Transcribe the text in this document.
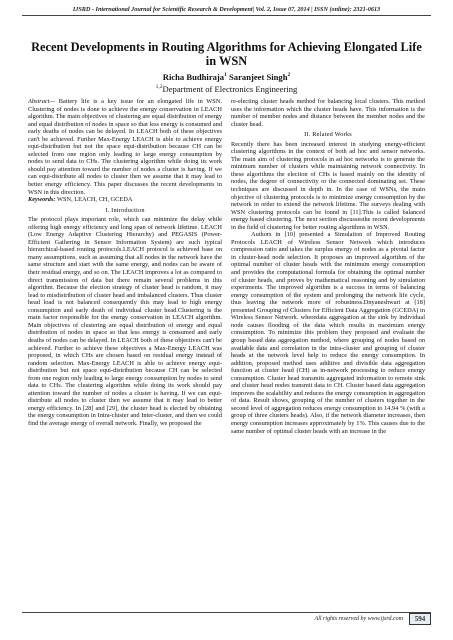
IJSRD - International Journal for Scientific Research & Development| Vol. 2, Issue 07, 2014 | ISSN (online): 2321-0613
Recent Developments in Routing Algorithms for Achieving Elongated Life in WSN
Richa Budhiraja$^1$ Saranjeet Singh$^2$
$^{1,2}$Department of Electronics Engineering

Abstract— Battery life is a key issue for an elongated life in WSN. Clustering of nodes is done to achieve the energy conservation in LEACH algorithm. The main objectives of clustering are equal distribution of energy and equal distribution of nodes in space so that less energy is consumed and early deaths of nodes can be delayed. In LEACH both of these objectives can't be achieved. Further Max-Energy LEACH is able to achieve energy equi-distribution but not the space equi-distribution because CH can be selected from one region only leading to large energy consumption by nodes to send data to CHs. The clustering algorithm while doing its work should pay attention toward the number of nodes a cluster is having. If we can equi-distribute all nodes to cluster then we assume that it may lead to better energy efficiency. This paper discusses the recent developments in WSN in this direction.

Keywords: WSN, LEACH, CH, GCEDA

I. Introduction

The protocol plays important role, which can minimize the delay while offering high energy efficiency and long span of network lifetime. LEACH (Low Energy Adaptive Clustering Hierarchy) and PEGASIS (Power-Efficient Gathering in Sensor Information System) are such typical hierarchical-based routing protocols.LEACH protocol is achieved base on many assumptions, such as assuming that all nodes in the network have the same structure and start with the same energy, and nodes can be aware of their residual energy, and so on. The LEACH improves a lot as compared to direct transmission of data but there remain several problems in this algorithm. Because the election strategy of cluster head is random, it may lead to misdistribution of cluster head and imbalanced clusters. Thus cluster head load is not balanced consequently this may lead to high energy consumption and early death of individual cluster head.Clustering is the main factor responsible for the energy conservation in LEACH algorithm. Main objectives of clustering are equal distribution of energy and equal distribution of nodes in space so that less energy is consumed and early deaths of nodes can be delayed. In LEACH both of these objectives can't be achieved. Further to achieve these objectives a Max-Energy LEACH was proposed, in which CHs are chosen based on residual energy instead of random selection. Max-Energy LEACH is able to achieve energy equi-distribution but not space equi-distribution because CH can be selected from one region only leading to large energy consumption by nodes to send data to CHs. The clustering algorithm while doing its work should pay attention toward the number of nodes a cluster is having. If we can equi-distribute all nodes to cluster then we assume that it may lead to better energy efficiency. In [28] and [29], the cluster head is elected by obtaining the energy consumption in Intra-cluster and Inter-cluster, and then we could find the average energy of overall network. Finally, we proposed the

re-electing cluster heads method for balancing local clusters. This method uses the information which the cluster heads have. This information is the number of member nodes and distance between the member nodes and the cluster head.

II. Related Works

Recently there has been increased interest in studying energy-efficient clustering algorithms in the context of both ad hoc and sensor networks. The main aim of clustering protocols in ad hoc networks is to generate the minimum number of clusters while maintaining network connectivity. In these algorithms the election of CHs is based mainly on the identity of nodes, the degree of connectivity or the connected dominating set. These techniques are discussed in depth in. In the case of WSNs, the main objective of clustering protocols is to minimize energy consumption by the network in order to extend the network lifetime. The surveys dealing with WSN clustering protocols can be found in [11].This is called balanced energy based clustering. The next section discussesthe recent developments in the field of clustering for better routing algorithms in WSN.

Authors in [10] presented a Simulation of Improved Routing Protocols LEACH of Wireless Sensor Network which introduces compression ratio and takes the surplus energy of nodes as a pivotal factor in cluster-head node selection. It proposes an improved algorithm of the optimal number of cluster heads with the minimum energy consumption and provides the computational formula for obtaining the optimal number of cluster heads, and proves by mathematical reasoning and by simulation experiments. The improved algorithm is a success in terms of balancing energy consumption of the system and prolonging the network life cycle, thus leaving the network more of robustness.Dnyaneshwari at [18] presented Grouping of Clusters for Efficient Data Aggregation (GCEDA) in Wireless Sensor Network. wheredata aggregation at the sink by individual node causes flooding of the data which results in maximum energy consumption. To minimize this problem they proposed and evaluate the group based data aggregation method, where grouping of nodes based on available data and correlation in the intra-cluster and grouping of cluster heads at the network level help to reduce the energy consumption. In addition, proposed method uses additive and divisible data aggregation function at cluster head (CH) as in-network processing to reduce energy consumption. Cluster head transmits aggregated information to remote sink and cluster head nodes transmit data to CH. Cluster based data aggregation improves the scalability and reduces the energy consumption in aggregation of data. Result shows, grouping of the number of clusters together in the second level of aggregation reduces energy consumption to 14.94 % (with a group of three clusters heads). Also, if the network diameter increases, then energy consumption increases approximately by 1%. This causes due to the same number of optimal cluster heads with an increase in the

All rights reserved by www.ijsrd.com	594
